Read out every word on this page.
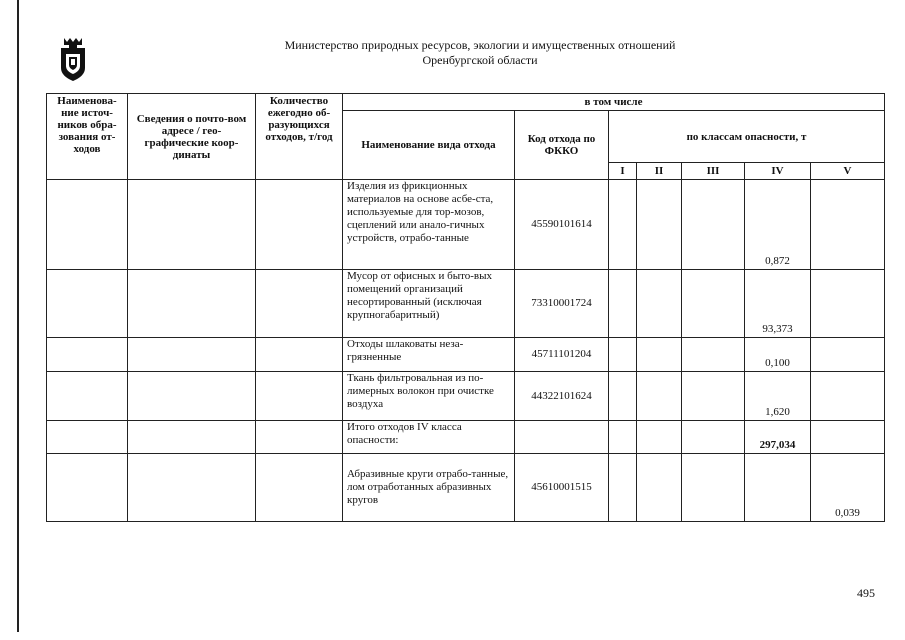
Министерство природных ресурсов, экологии и имущественных отношений
Оренбургской области
Наименова-ние источ-ников обра-зования от-ходов	Сведения о почто-вом адресе / гео-графические коор-динаты	Количество ежегодно об-разующихся отходов, т/год	в том числе						
			Наименование вида отхода	Код отхода по ФККО	по классам опасности, т				
					I	II	III	IV	V
			Изделия из фрикционных материалов на основе асбе-ста, используемые для тор-мозов, сцеплений или анало-гичных устройств, отрабо-танные	45590101614				0,872	
			Мусор от офисных и быто-вых помещений организаций несортированный (исключая крупногабаритный)	73310001724				93,373	
			Отходы шлаковаты неза-грязненные	45711101204				0,100	
			Ткань фильтровальная из по-лимерных волокон при очистке воздуха	44322101624				1,620	
			Итого отходов IV класса опасности:					297,034	
			Абразивные круги отрабо-танные, лом отработанных абразивных кругов	45610001515					0,039
495
